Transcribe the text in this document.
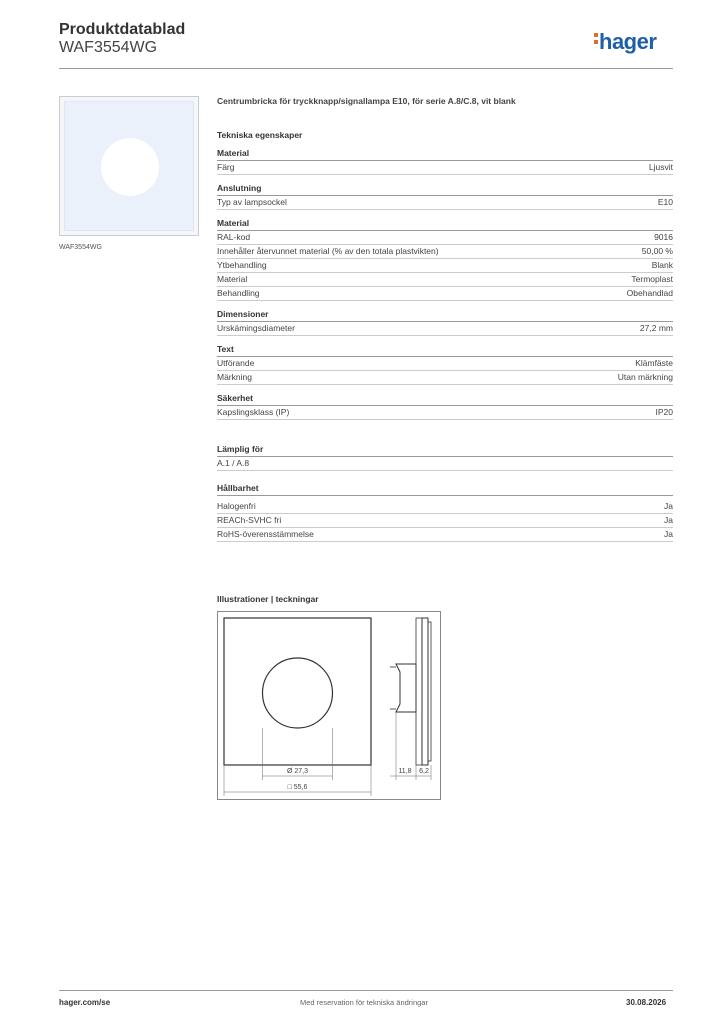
Produktdatablad
WAF3554WG	hager
WAF3554WG
Centrumbricka för tryckknapp/signallampa E10, för serie A.8/C.8, vit blank
Tekniska egenskaper
Material
Färg	Ljusvit
Anslutning
Typ av lampsockel	E10
Material
RAL-kod	9016
Innehåller återvunnet material (% av den totala plastvikten)	50,00 %
Ytbehandling	Blank
Material	Termoplast
Behandling	Obehandlad
Dimensioner
Urskämingsdiameter	27,2 mm
Text
Utförande	Klämfäste
Märkning	Utan märkning
Säkerhet
Kapslingsklass (IP)	IP20
Lämplig för
A.1 / A.8
Hållbarhet
Halogenfri	Ja
REACh-SVHC fri	Ja
RoHS-överensstämmelse	Ja
Illustrationer | teckningar
Ø 27,3
□ 55,6
11,8 6,2
hager.com/se	Med reservation för tekniska ändringar	30.08.2026
